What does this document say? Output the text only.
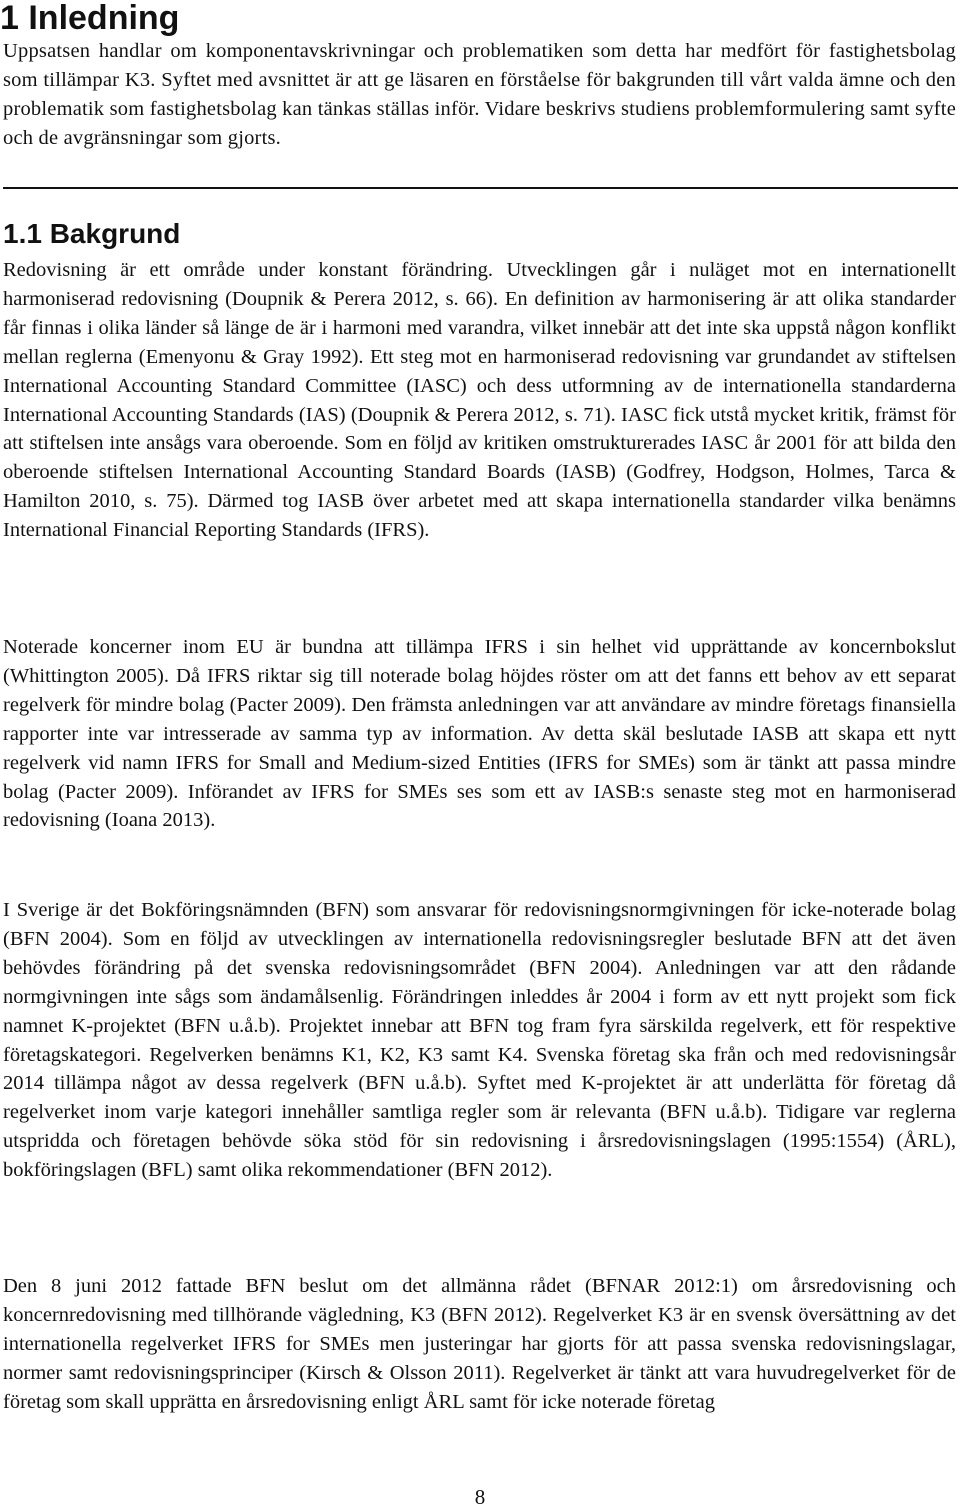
1 Inledning

Uppsatsen handlar om komponentavskrivningar och problematiken som detta har medfört för fastighetsbolag som tillämpar K3. Syftet med avsnittet är att ge läsaren en förståelse för bakgrunden till vårt valda ämne och den problematik som fastighetsbolag kan tänkas ställas inför. Vidare beskrivs studiens problemformulering samt syfte och de avgränsningar som gjorts.

1.1 Bakgrund

Redovisning är ett område under konstant förändring. Utvecklingen går i nuläget mot en internationellt harmoniserad redovisning (Doupnik & Perera 2012, s. 66). En definition av harmonisering är att olika standarder får finnas i olika länder så länge de är i harmoni med varandra, vilket innebär att det inte ska uppstå någon konflikt mellan reglerna (Emenyonu & Gray 1992). Ett steg mot en harmoniserad redovisning var grundandet av stiftelsen International Accounting Standard Committee (IASC) och dess utformning av de internationella standarderna International Accounting Standards (IAS) (Doupnik & Perera 2012, s. 71). IASC fick utstå mycket kritik, främst för att stiftelsen inte ansågs vara oberoende. Som en följd av kritiken omstrukturerades IASC år 2001 för att bilda den oberoende stiftelsen International Accounting Standard Boards (IASB) (Godfrey, Hodgson, Holmes, Tarca & Hamilton 2010, s. 75). Därmed tog IASB över arbetet med att skapa internationella standarder vilka benämns International Financial Reporting Standards (IFRS).

Noterade koncerner inom EU är bundna att tillämpa IFRS i sin helhet vid upprättande av koncernbokslut (Whittington 2005). Då IFRS riktar sig till noterade bolag höjdes röster om att det fanns ett behov av ett separat regelverk för mindre bolag (Pacter 2009). Den främsta anledningen var att användare av mindre företags finansiella rapporter inte var intresserade av samma typ av information. Av detta skäl beslutade IASB att skapa ett nytt regelverk vid namn IFRS for Small and Medium-sized Entities (IFRS for SMEs) som är tänkt att passa mindre bolag (Pacter 2009). Införandet av IFRS for SMEs ses som ett av IASB:s senaste steg mot en harmoniserad redovisning (Ioana 2013).

I Sverige är det Bokföringsnämnden (BFN) som ansvarar för redovisningsnormgivningen för icke-noterade bolag (BFN 2004). Som en följd av utvecklingen av internationella redovisningsregler beslutade BFN att det även behövdes förändring på det svenska redovisningsområdet (BFN 2004). Anledningen var att den rådande normgivningen inte sågs som ändamålsenlig. Förändringen inleddes år 2004 i form av ett nytt projekt som fick namnet K-projektet (BFN u.å.b). Projektet innebar att BFN tog fram fyra särskilda regelverk, ett för respektive företagskategori. Regelverken benämns K1, K2, K3 samt K4. Svenska företag ska från och med redovisningsår 2014 tillämpa något av dessa regelverk (BFN u.å.b). Syftet med K-projektet är att underlätta för företag då regelverket inom varje kategori innehåller samtliga regler som är relevanta (BFN u.å.b). Tidigare var reglerna utspridda och företagen behövde söka stöd för sin redovisning i årsredovisningslagen (1995:1554) (ÅRL), bokföringslagen (BFL) samt olika rekommendationer (BFN 2012).

Den 8 juni 2012 fattade BFN beslut om det allmänna rådet (BFNAR 2012:1) om årsredovisning och koncernredovisning med tillhörande vägledning, K3 (BFN 2012). Regelverket K3 är en svensk översättning av det internationella regelverket IFRS for SMEs men justeringar har gjorts för att passa svenska redovisningslagar, normer samt redovisningsprinciper (Kirsch & Olsson 2011). Regelverket är tänkt att vara huvudregelverket för de företag som skall upprätta en årsredovisning enligt ÅRL samt för icke noterade företag

8
